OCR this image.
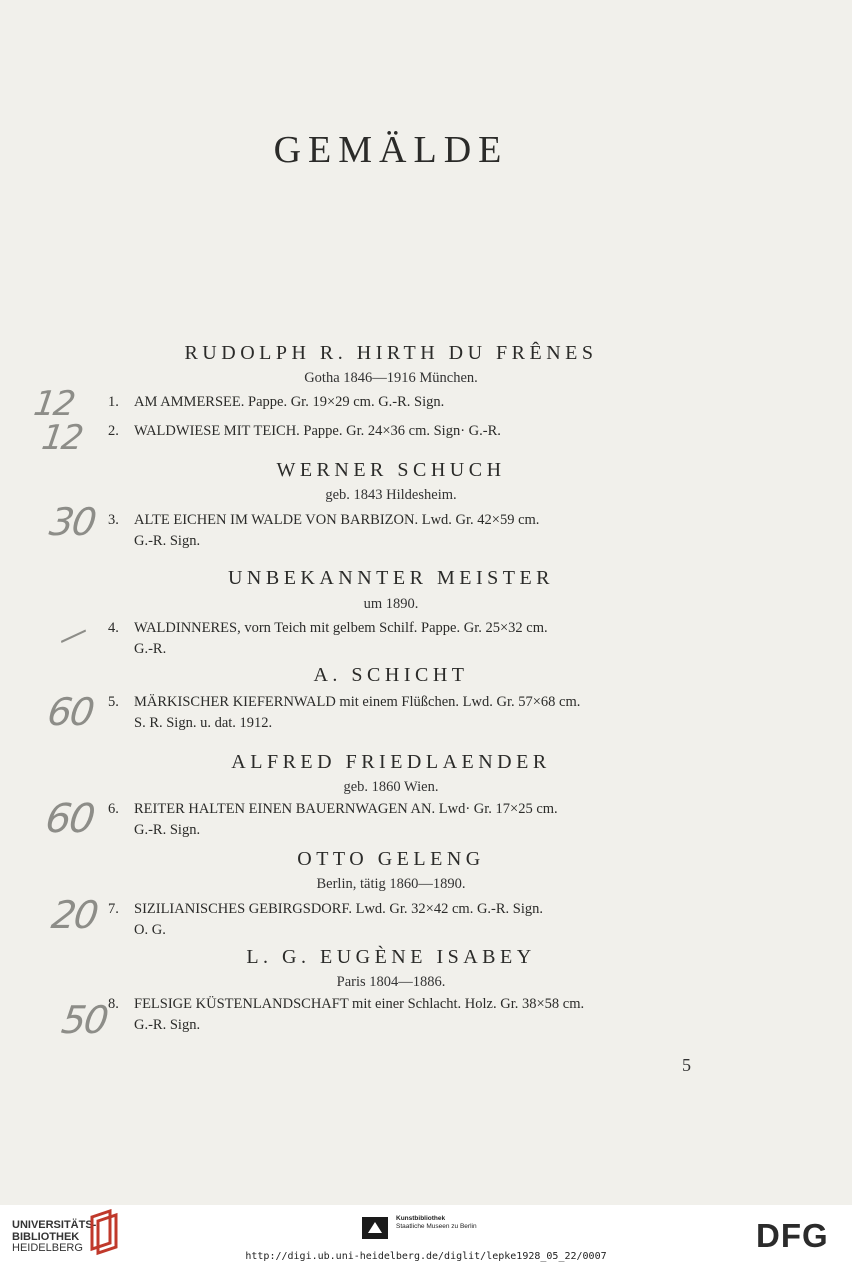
GEMÄLDE
RUDOLPH R. HIRTH DU FRÊNES
Gotha 1846—1916 München.
1.	AM AMMERSEE. Pappe. Gr. 19×29 cm. G.-R. Sign.
2.	WALDWIESE MIT TEICH. Pappe. Gr. 24×36 cm. Sign· G.-R.
WERNER SCHUCH
geb. 1843 Hildesheim.
3.	ALTE EICHEN IM WALDE VON BARBIZON. Lwd. Gr. 42×59 cm.
G.-R. Sign.
UNBEKANNTER MEISTER
um 1890.
4.	WALDINNERES, vorn Teich mit gelbem Schilf. Pappe. Gr. 25×32 cm.
G.-R.
A. SCHICHT
5.	MÄRKISCHER KIEFERNWALD mit einem Flüßchen. Lwd. Gr. 57×68 cm.
S. R. Sign. u. dat. 1912.
ALFRED FRIEDLAENDER
geb. 1860 Wien.
6.	REITER HALTEN EINEN BAUERNWAGEN AN. Lwd· Gr. 17×25 cm.
G.-R. Sign.
OTTO GELENG
Berlin, tätig 1860—1890.
7.	SIZILIANISCHES GEBIRGSDORF. Lwd. Gr. 32×42 cm. G.-R. Sign.
O. G.
L. G. EUGÈNE ISABEY
Paris 1804—1886.
8.	FELSIGE KÜSTENLANDSCHAFT mit einer Schlacht. Holz. Gr. 38×58 cm.
G.-R. Sign.
12
12
30
—
60
60
20
50
5
UNIVERSITÄTS-
BIBLIOTHEK
HEIDELBERG
Kunstbibliothek
Staatliche Museen zu Berlin	DFG
http://digi.ub.uni-heidelberg.de/diglit/lepke1928_05_22/0007
